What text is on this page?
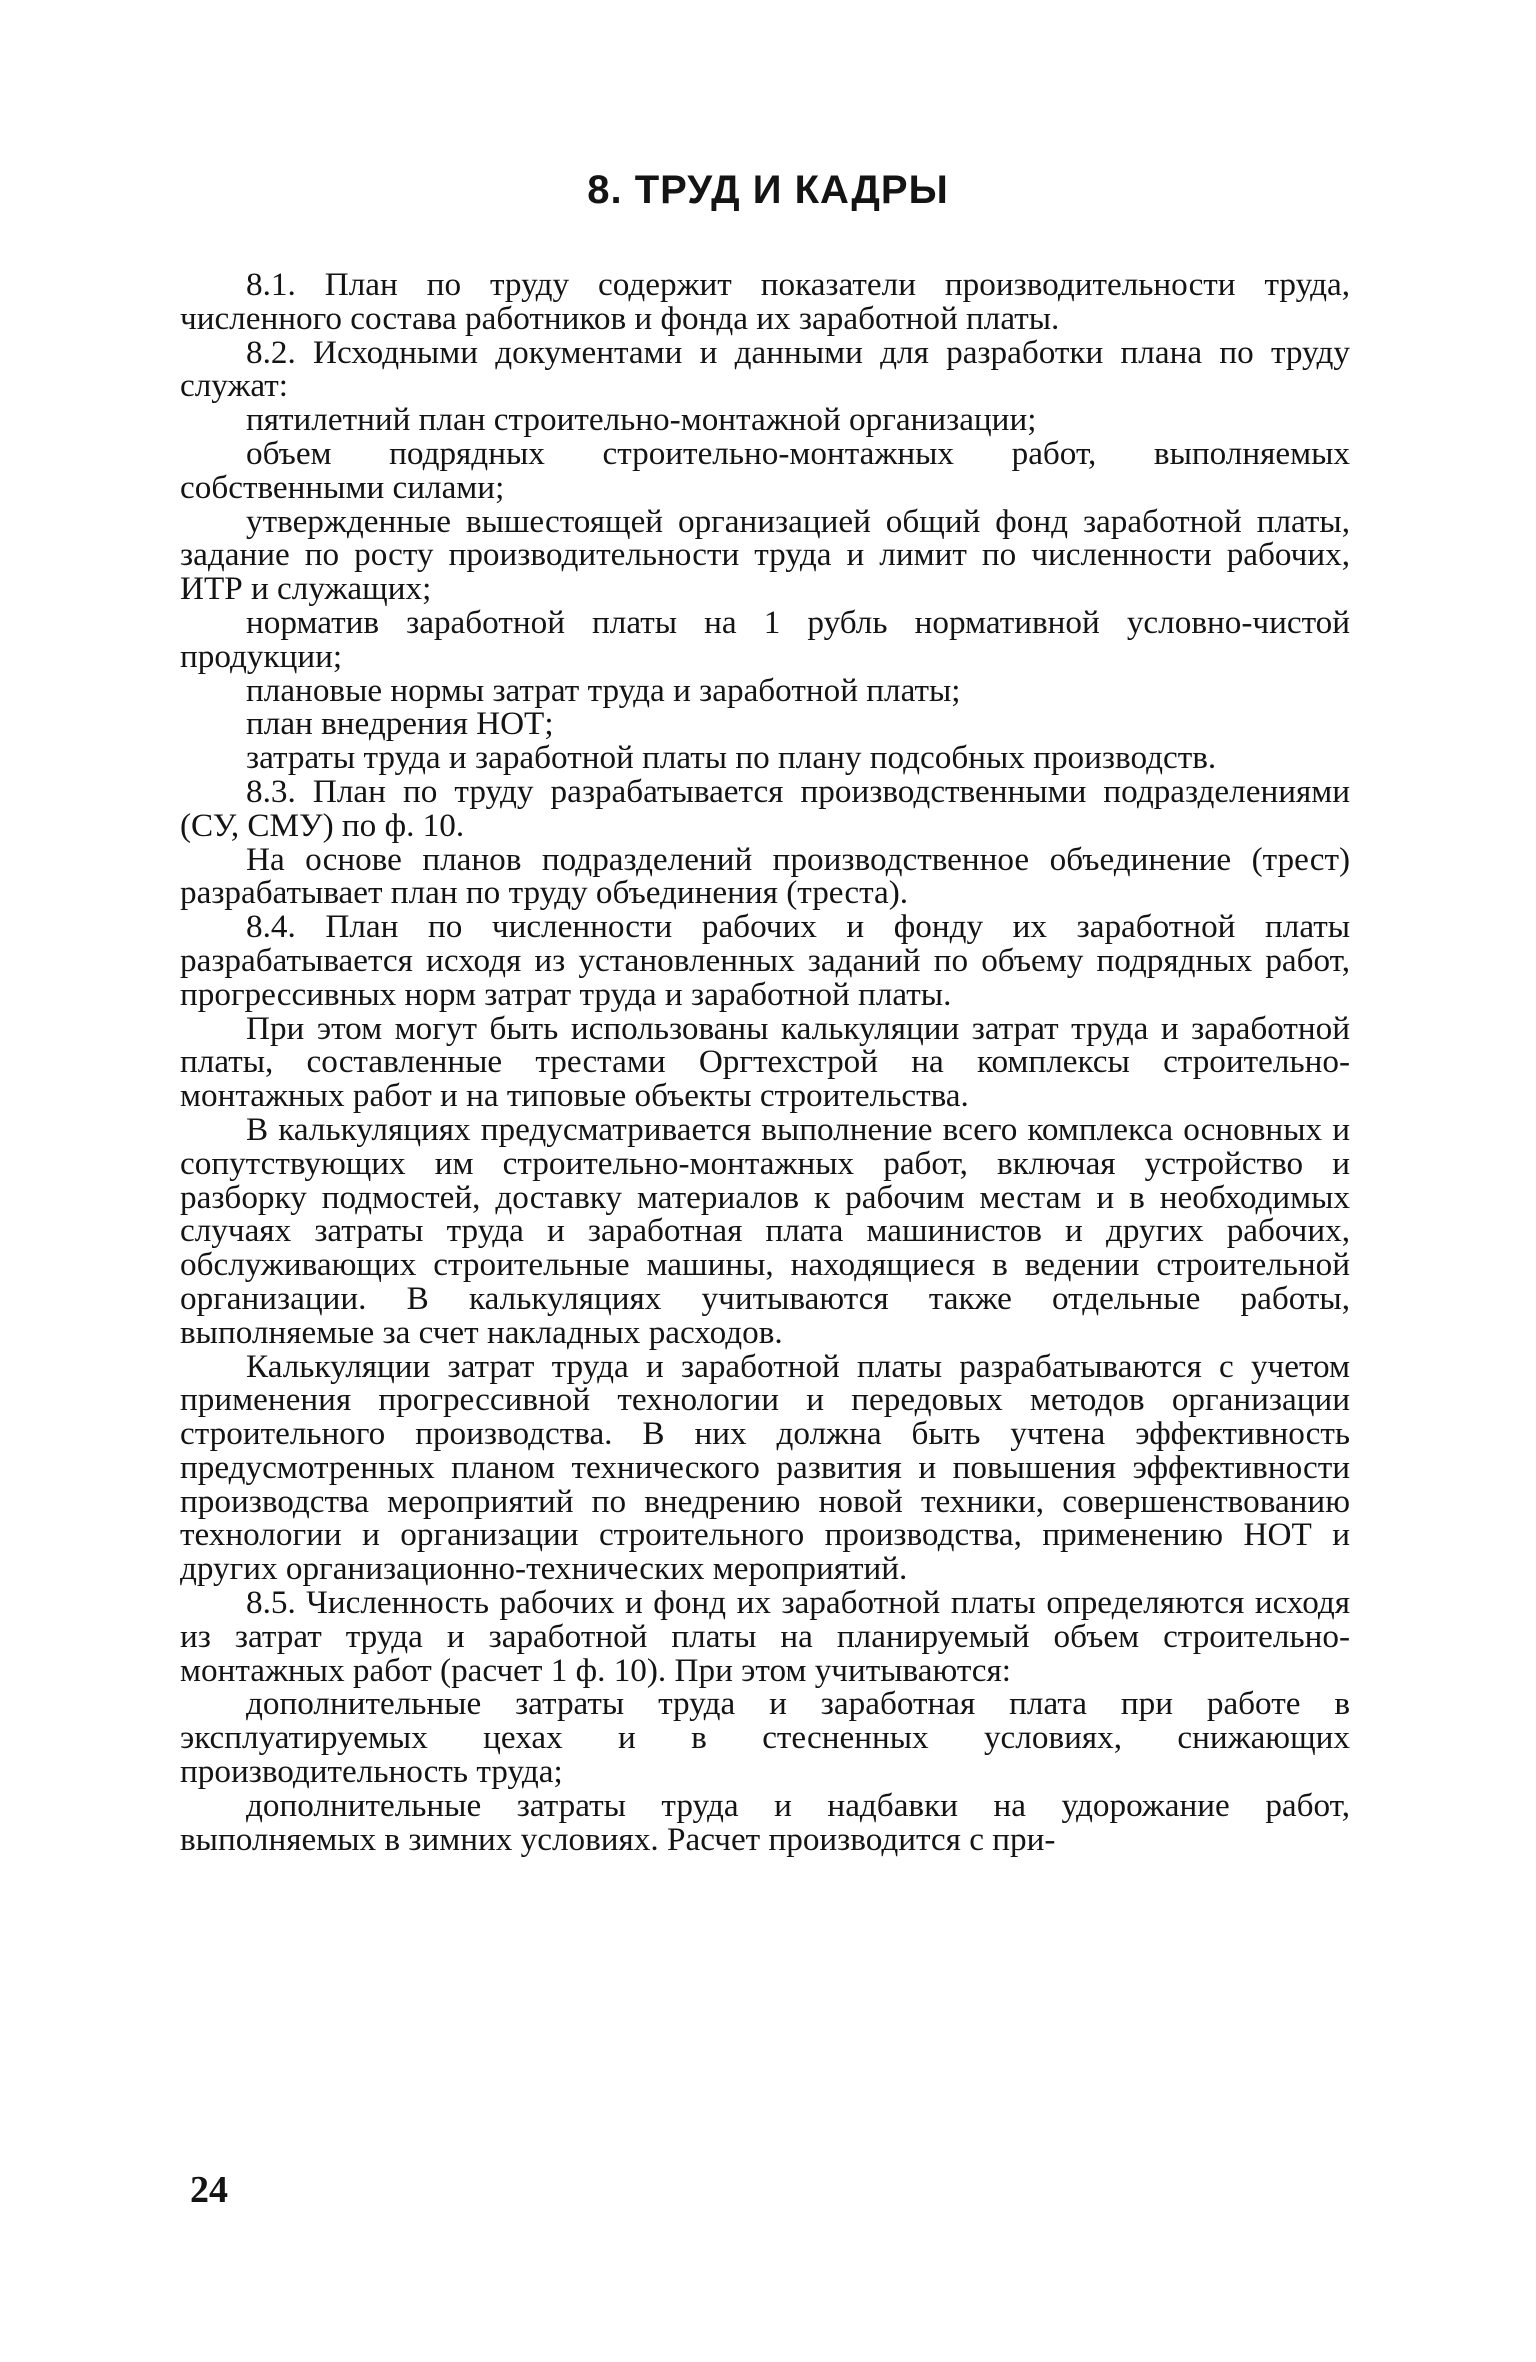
8. ТРУД И КАДРЫ

8.1. План по труду содержит показатели производительности труда, численного состава работников и фонда их заработной платы.

8.2. Исходными документами и данными для разработки плана по труду служат:

пятилетний план строительно-монтажной организации;

объем подрядных строительно-монтажных работ, выполняемых собственными силами;

утвержденные вышестоящей организацией общий фонд заработной платы, задание по росту производительности труда и лимит по численности рабочих, ИТР и служащих;

норматив заработной платы на 1 рубль нормативной условно-чистой продукции;

плановые нормы затрат труда и заработной платы;

план внедрения НОТ;

затраты труда и заработной платы по плану подсобных производств.

8.3. План по труду разрабатывается производственными подразделениями (СУ, СМУ) по ф. 10.

На основе планов подразделений производственное объединение (трест) разрабатывает план по труду объединения (треста).

8.4. План по численности рабочих и фонду их заработной платы разрабатывается исходя из установленных заданий по объему подрядных работ, прогрессивных норм затрат труда и заработной платы.

При этом могут быть использованы калькуляции затрат труда и заработной платы, составленные трестами Оргтехстрой на комплексы строительно-монтажных работ и на типовые объекты строительства.

В калькуляциях предусматривается выполнение всего комплекса основных и сопутствующих им строительно-монтажных работ, включая устройство и разборку подмостей, доставку материалов к рабочим местам и в необходимых случаях затраты труда и заработная плата машинистов и других рабочих, обслуживающих строительные машины, находящиеся в ведении строительной организации. В калькуляциях учитываются также отдельные работы, выполняемые за счет накладных расходов.

Калькуляции затрат труда и заработной платы разрабатываются с учетом применения прогрессивной технологии и передовых методов организации строительного производства. В них должна быть учтена эффективность предусмотренных планом технического развития и повышения эффективности производства мероприятий по внедрению новой техники, совершенствованию технологии и организации строительного производства, применению НОТ и других организационно-технических мероприятий.

8.5. Численность рабочих и фонд их заработной платы определяются исходя из затрат труда и заработной платы на планируемый объем строительно-монтажных работ (расчет 1 ф. 10). При этом учитываются:

дополнительные затраты труда и заработная плата при работе в эксплуатируемых цехах и в стесненных условиях, снижающих производительность труда;

дополнительные затраты труда и надбавки на удорожание работ, выполняемых в зимних условиях. Расчет производится с при-

24
